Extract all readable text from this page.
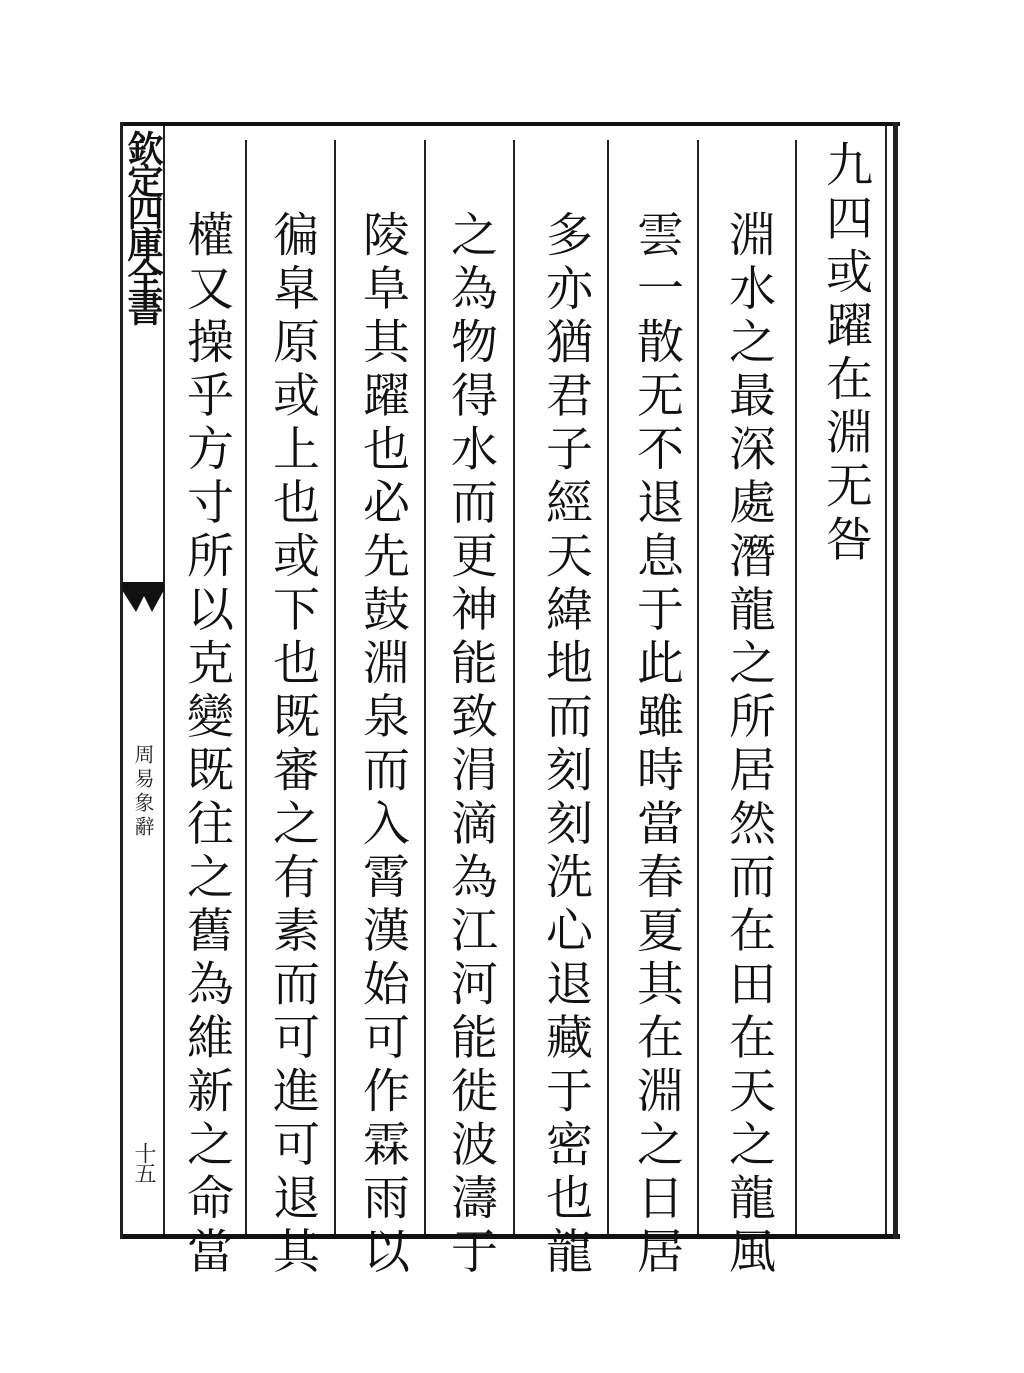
欽定四庫全書
周易象辭
十五
九四或躍在淵无咎
淵水之最深處潛龍之所居然而在田在天之龍風
雲一散无不退息于此雖時當春夏其在淵之日居
多亦猶君子經天緯地而刻刻洗心退藏于密也龍
之為物得水而更神能致涓滴為江河能徙波濤于
陵阜其躍也必先鼓淵泉而入霄漢始可作霖雨以
徧皐原或上也或下也既審之有素而可進可退其
權又操乎方寸所以克變既往之舊為維新之命當
